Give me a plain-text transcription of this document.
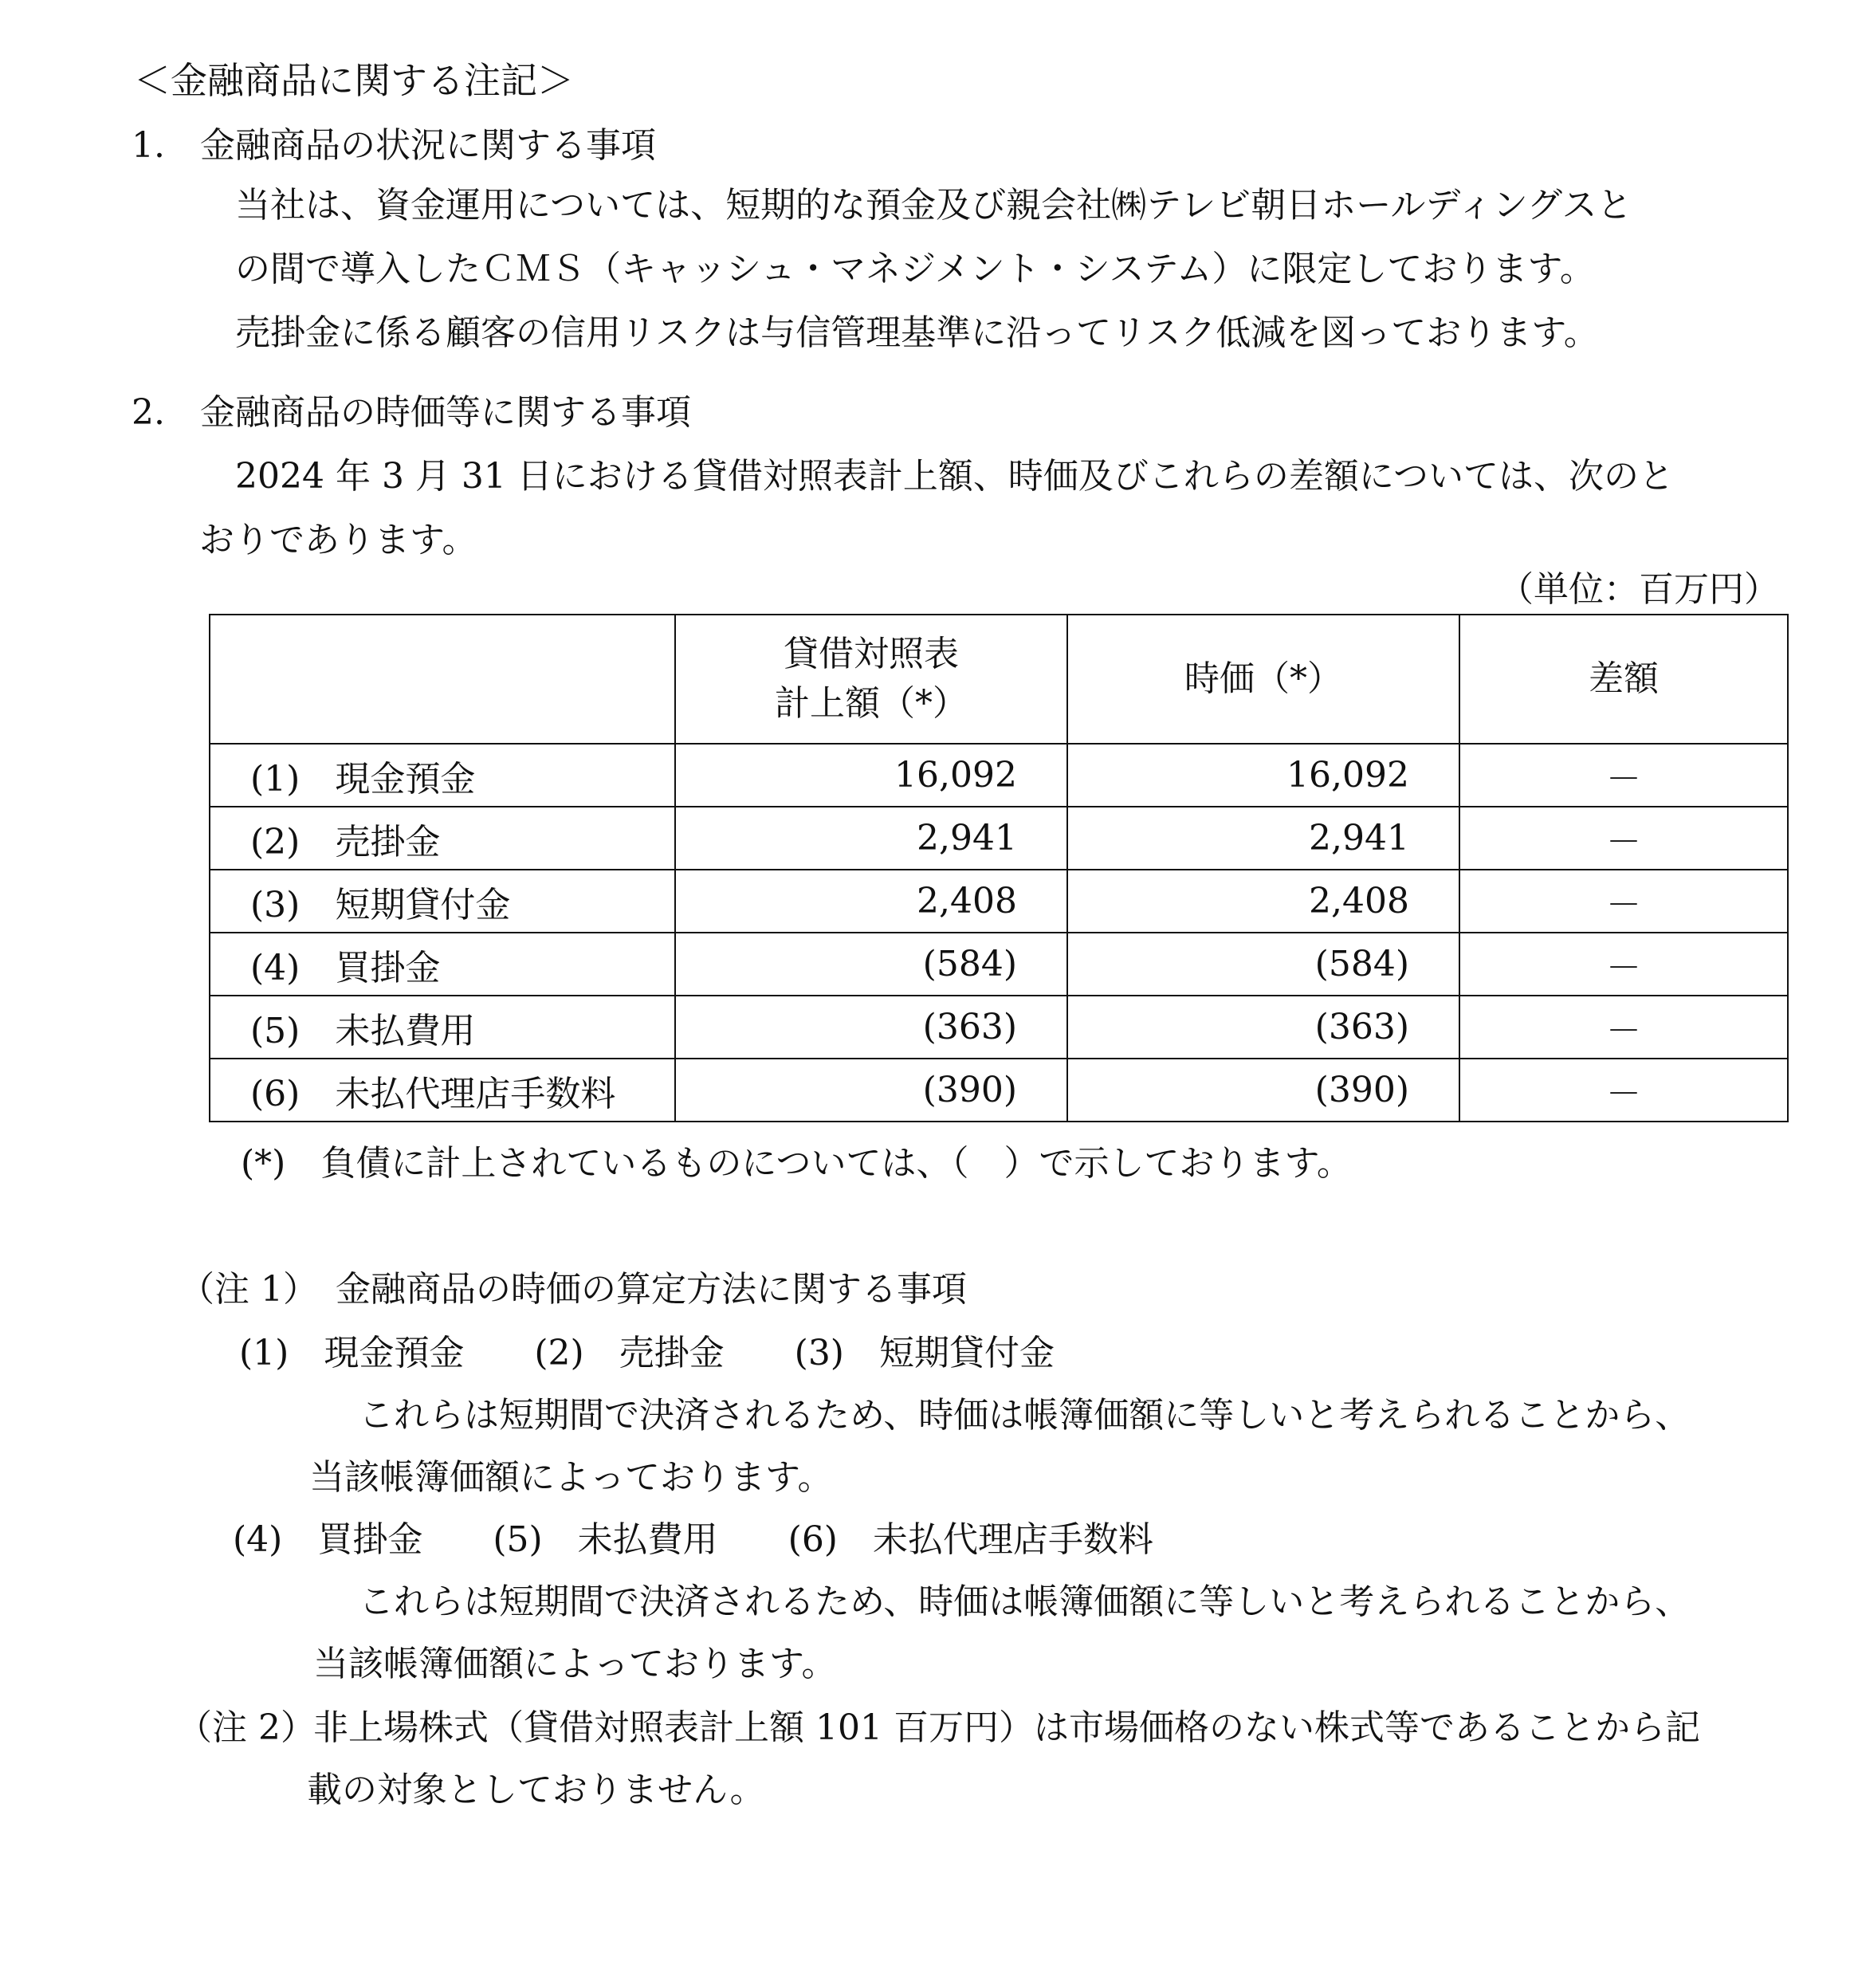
＜金融商品に関する注記＞
1.　金融商品の状況に関する事項
当社は、資金運用については、短期的な預金及び親会社㈱テレビ朝日ホールディングスと
の間で導入したＣＭＳ（キャッシュ・マネジメント・システム）に限定しております。
売掛金に係る顧客の信用リスクは与信管理基準に沿ってリスク低減を図っております。
2.　金融商品の時価等に関する事項
2024 年 3 月 31 日における貸借対照表計上額、時価及びこれらの差額については、次のと
おりであります。
（単位：百万円）

	貸借対照表
計上額（*）	時価（*）	差額
(1)　現金預金	16,092	16,092	－
(2)　売掛金	2,941	2,941	－
(3)　短期貸付金	2,408	2,408	－
(4)　買掛金	(584)	(584)	－
(5)　未払費用	(363)	(363)	－
(6)　未払代理店手数料	(390)	(390)	－
(*)　負債に計上されているものについては、（　）で示しております。
（注 1）　金融商品の時価の算定方法に関する事項
(1)　現金預金　　(2)　売掛金　　(3)　短期貸付金
これらは短期間で決済されるため、時価は帳簿価額に等しいと考えられることから、
当該帳簿価額によっております。
(4)　買掛金　　(5)　未払費用　　(6)　未払代理店手数料
これらは短期間で決済されるため、時価は帳簿価額に等しいと考えられることから、
当該帳簿価額によっております。
（注 2）
非上場株式（貸借対照表計上額 101 百万円）は市場価格のない株式等であることから記
載の対象としておりません。
